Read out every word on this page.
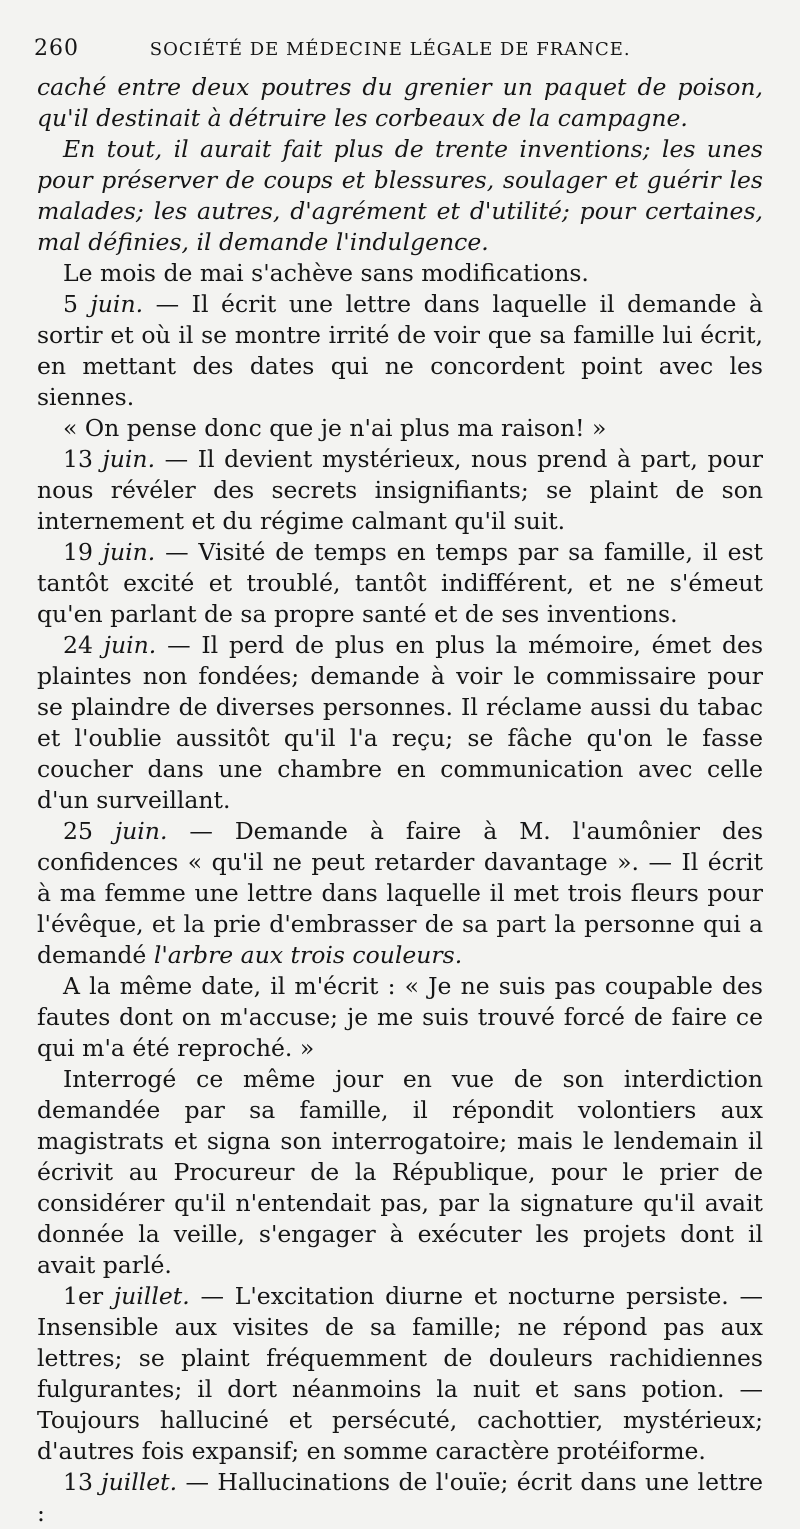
260	SOCIÉTÉ DE MÉDECINE LÉGALE DE FRANCE.

caché entre deux poutres du grenier un paquet de poison, qu'il destinait à détruire les corbeaux de la campagne.

En tout, il aurait fait plus de trente inventions; les unes pour préserver de coups et blessures, soulager et guérir les malades; les autres, d'agrément et d'utilité; pour certaines, mal définies, il demande l'indulgence.

Le mois de mai s'achève sans modifications.

5 juin. — Il écrit une lettre dans laquelle il demande à sortir et où il se montre irrité de voir que sa famille lui écrit, en mettant des dates qui ne concordent point avec les siennes.

« On pense donc que je n'ai plus ma raison! »

13 juin. — Il devient mystérieux, nous prend à part, pour nous révéler des secrets insignifiants; se plaint de son internement et du régime calmant qu'il suit.

19 juin. — Visité de temps en temps par sa famille, il est tantôt excité et troublé, tantôt indifférent, et ne s'émeut qu'en parlant de sa propre santé et de ses inventions.

24 juin. — Il perd de plus en plus la mémoire, émet des plaintes non fondées; demande à voir le commissaire pour se plaindre de diverses personnes. Il réclame aussi du tabac et l'oublie aussitôt qu'il l'a reçu; se fâche qu'on le fasse coucher dans une chambre en communication avec celle d'un surveillant.

25 juin. — Demande à faire à M. l'aumônier des confidences « qu'il ne peut retarder davantage ». — Il écrit à ma femme une lettre dans laquelle il met trois fleurs pour l'évêque, et la prie d'embrasser de sa part la personne qui a demandé l'arbre aux trois couleurs.

A la même date, il m'écrit : « Je ne suis pas coupable des fautes dont on m'accuse; je me suis trouvé forcé de faire ce qui m'a été reproché. »

Interrogé ce même jour en vue de son interdiction demandée par sa famille, il répondit volontiers aux magistrats et signa son interrogatoire; mais le lendemain il écrivit au Procureur de la République, pour le prier de considérer qu'il n'entendait pas, par la signature qu'il avait donnée la veille, s'engager à exécuter les projets dont il avait parlé.

1er juillet. — L'excitation diurne et nocturne persiste. — Insensible aux visites de sa famille; ne répond pas aux lettres; se plaint fréquemment de douleurs rachidiennes fulgurantes; il dort néanmoins la nuit et sans potion. — Toujours halluciné et persécuté, cachottier, mystérieux; d'autres fois expansif; en somme caractère protéiforme.

13 juillet. — Hallucinations de l'ouïe; écrit dans une lettre :
